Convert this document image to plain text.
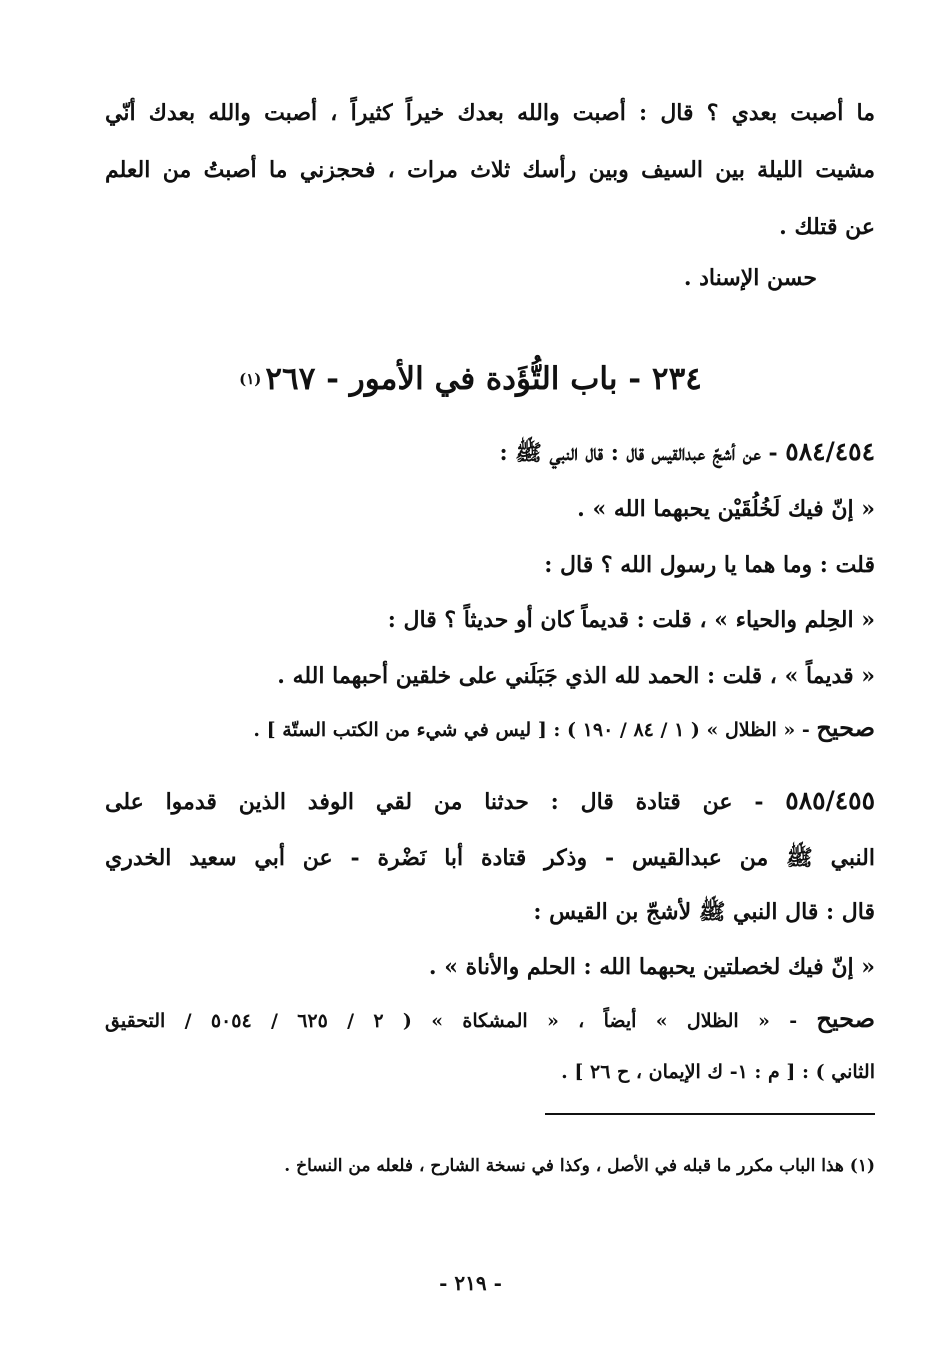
ما أصبت بعدي ؟ قال : أصبت والله بعدك خيراً كثيراً ، أصبت والله بعدك أنّي
مشيت الليلة بين السيف وبين رأسك ثلاث مرات ، فحجزني ما أصبتُ من العلم
عن قتلك .
حسن الإسناد .
٢٣٤ - باب التُّؤَدة في الأمور - ٢٦٧$^{(١)}$
٥٨٤/٤٥٤ - عن أشجّ عبدالقيس قال : قال النبي ﷺ :
« إنّ فيك لَخُلُقَيْن يحبهما الله » .
قلت : وما هما يا رسول الله ؟ قال :
« الحِلم والحياء » ، قلت : قديماً كان أو حديثاً ؟ قال :
« قديماً » ، قلت : الحمد لله الذي جَبَلَني على خلقين أحبهما الله .
صحيح - « الظلال » ( ١ / ٨٤ / ١٩٠ ) : [ ليس في شيء من الكتب الستّة ] .
٥٨٥/٤٥٥ - عن قتادة قال : حدثنا من لقي الوفد الذين قدموا على
النبي ﷺ من عبدالقيس - وذكر قتادة أبا نَضْرة - عن أبي سعيد الخدري
قال : قال النبي ﷺ لأشجّ بن القيس :
« إنّ فيك لخصلتين يحبهما الله : الحلم والأناة » .
صحيح - « الظلال » أيضاً ، « المشكاة » ( ٢ / ٦٢٥ / ٥٠٥٤ / التحقيق
الثاني ) : [ م : ١- ك الإيمان ، ح ٢٦ ] .
(١) هذا الباب مكرر ما قبله في الأصل ، وكذا في نسخة الشارح ، فلعله من النساخ .
- ٢١٩ -
